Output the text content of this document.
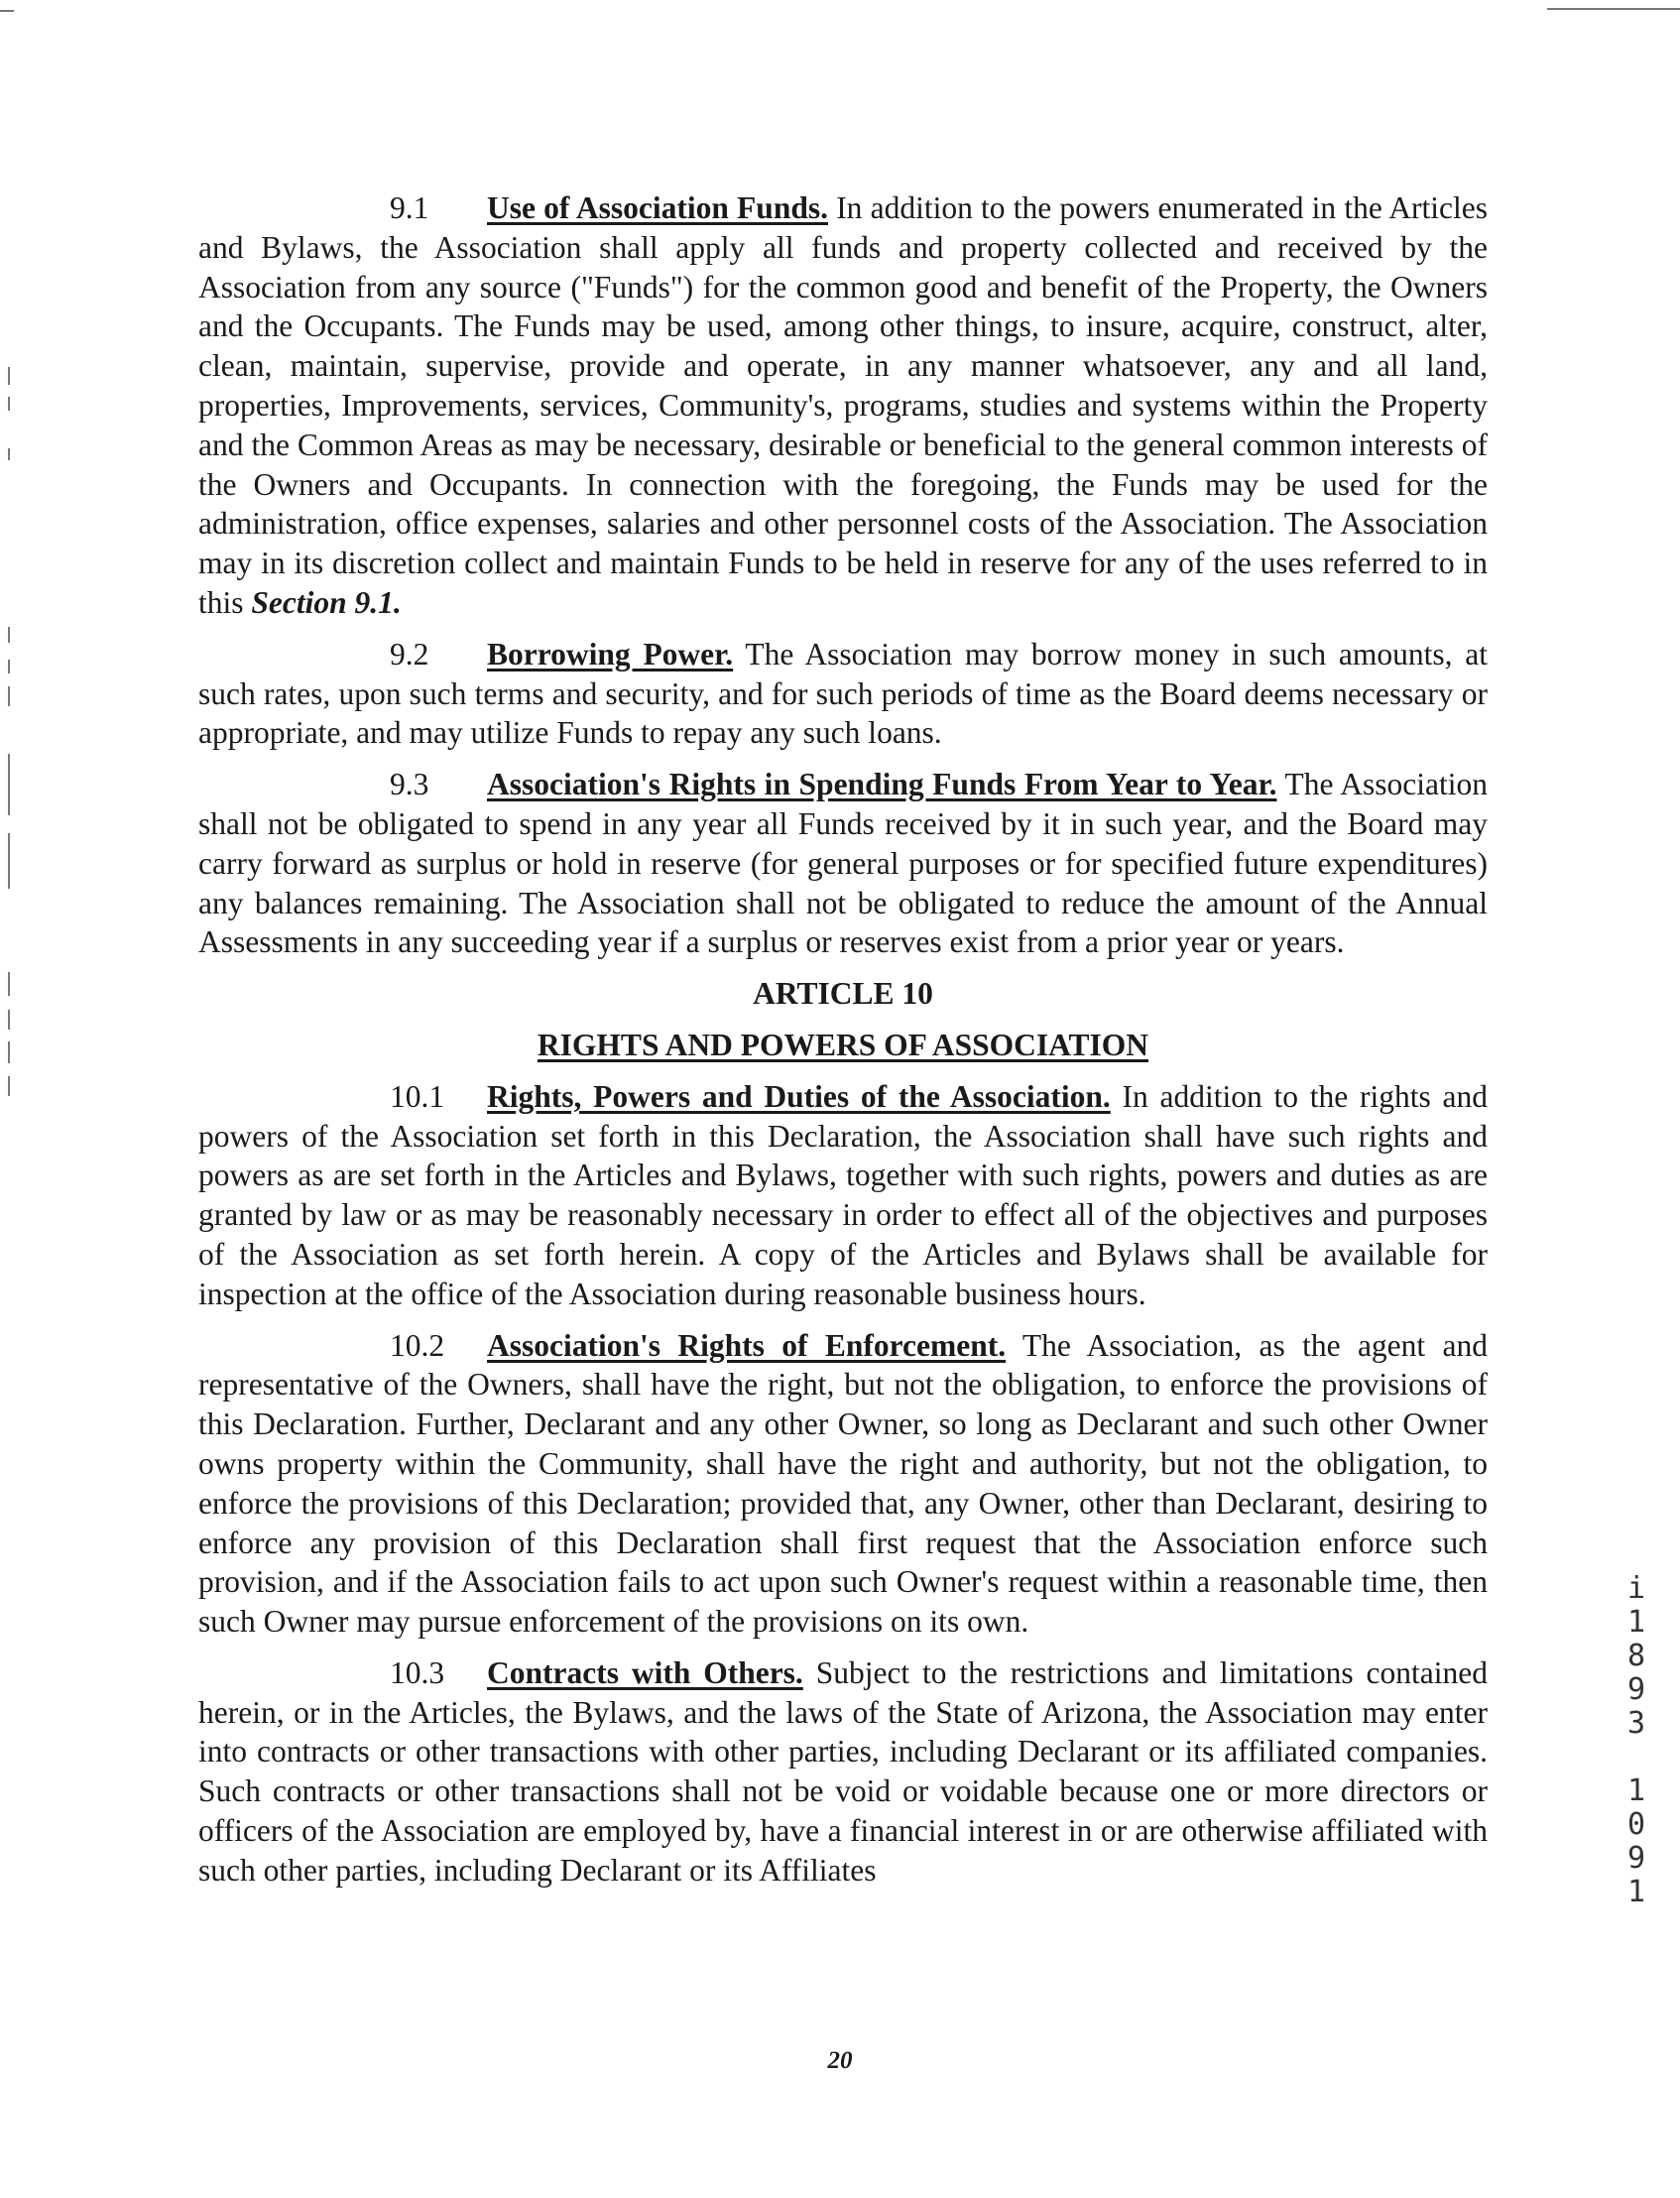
9.1 Use of Association Funds. In addition to the powers enumerated in the Articles and Bylaws, the Association shall apply all funds and property collected and received by the Association from any source ("Funds") for the common good and benefit of the Property, the Owners and the Occupants. The Funds may be used, among other things, to insure, acquire, construct, alter, clean, maintain, supervise, provide and operate, in any manner whatsoever, any and all land, properties, Improvements, services, Community's, programs, studies and systems within the Property and the Common Areas as may be necessary, desirable or beneficial to the general common interests of the Owners and Occupants. In connection with the foregoing, the Funds may be used for the administration, office expenses, salaries and other personnel costs of the Association. The Association may in its discretion collect and maintain Funds to be held in reserve for any of the uses referred to in this Section 9.1.

9.2 Borrowing Power. The Association may borrow money in such amounts, at such rates, upon such terms and security, and for such periods of time as the Board deems necessary or appropriate, and may utilize Funds to repay any such loans.

9.3 Association's Rights in Spending Funds From Year to Year. The Association shall not be obligated to spend in any year all Funds received by it in such year, and the Board may carry forward as surplus or hold in reserve (for general purposes or for specified future expenditures) any balances remaining. The Association shall not be obligated to reduce the amount of the Annual Assessments in any succeeding year if a surplus or reserves exist from a prior year or years.

ARTICLE 10
RIGHTS AND POWERS OF ASSOCIATION

10.1 Rights, Powers and Duties of the Association. In addition to the rights and powers of the Association set forth in this Declaration, the Association shall have such rights and powers as are set forth in the Articles and Bylaws, together with such rights, powers and duties as are granted by law or as may be reasonably necessary in order to effect all of the objectives and purposes of the Association as set forth herein. A copy of the Articles and Bylaws shall be available for inspection at the office of the Association during reasonable business hours.

10.2 Association's Rights of Enforcement. The Association, as the agent and representative of the Owners, shall have the right, but not the obligation, to enforce the provisions of this Declaration. Further, Declarant and any other Owner, so long as Declarant and such other Owner owns property within the Community, shall have the right and authority, but not the obligation, to enforce the provisions of this Declaration; provided that, any Owner, other than Declarant, desiring to enforce any provision of this Declaration shall first request that the Association enforce such provision, and if the Association fails to act upon such Owner's request within a reasonable time, then such Owner may pursue enforcement of the provisions on its own.

10.3 Contracts with Others. Subject to the restrictions and limitations contained herein, or in the Articles, the Bylaws, and the laws of the State of Arizona, the Association may enter into contracts or other transactions with other parties, including Declarant or its affiliated companies. Such contracts or other transactions shall not be void or voidable because one or more directors or officers of the Association are employed by, have a financial interest in or are otherwise affiliated with such other parties, including Declarant or its Affiliates

i
1
8
9
3
1
0
9
1
20
